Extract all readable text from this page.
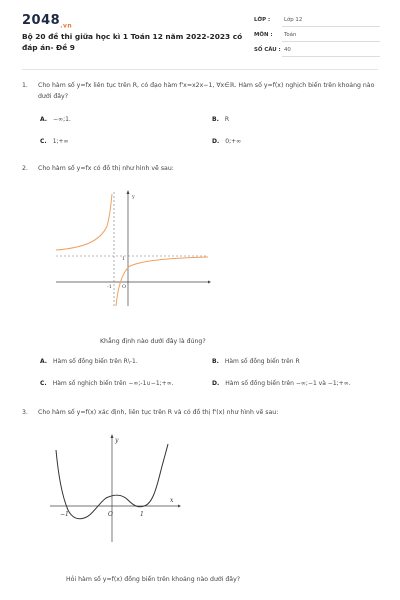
$2048_{.vn}$
Bộ 20 đề thi giữa học kì 1 Toán 12 năm 2022-2023 có đáp án- Đề 9
LỚP :	Lớp 12
MÔN : Toán
SỐ CÂU : 40
1. Cho hàm số y=fx liên tục trên R, có đạo hàm f'x=x2x−1, ∀x∈ℝ. Hàm số y=f(x) nghịch biến trên khoảng nào dưới đây?
A. −∞;1.	B. R
C. 1;+∞	D. 0;+∞
2. Cho hàm số y=fx có đồ thị như hình vẽ sau:
y
1
-1 O
Khẳng định nào dưới đây là đúng?
A. Hàm số đồng biến trên R\-1.	B. Hàm số đồng biến trên R
C. Hàm số nghịch biến trên −∞;-1∪−1;+∞.	D. Hàm số đồng biến trên −∞;−1 và −1;+∞.
3. Cho hàm số y=f(x) xác định, liên tục trên R và có đồ thị f'(x) như hình vẽ sau:
y
x
−1	O	1
Hỏi hàm số y=f(x) đồng biến trên khoảng nào dưới đây?
